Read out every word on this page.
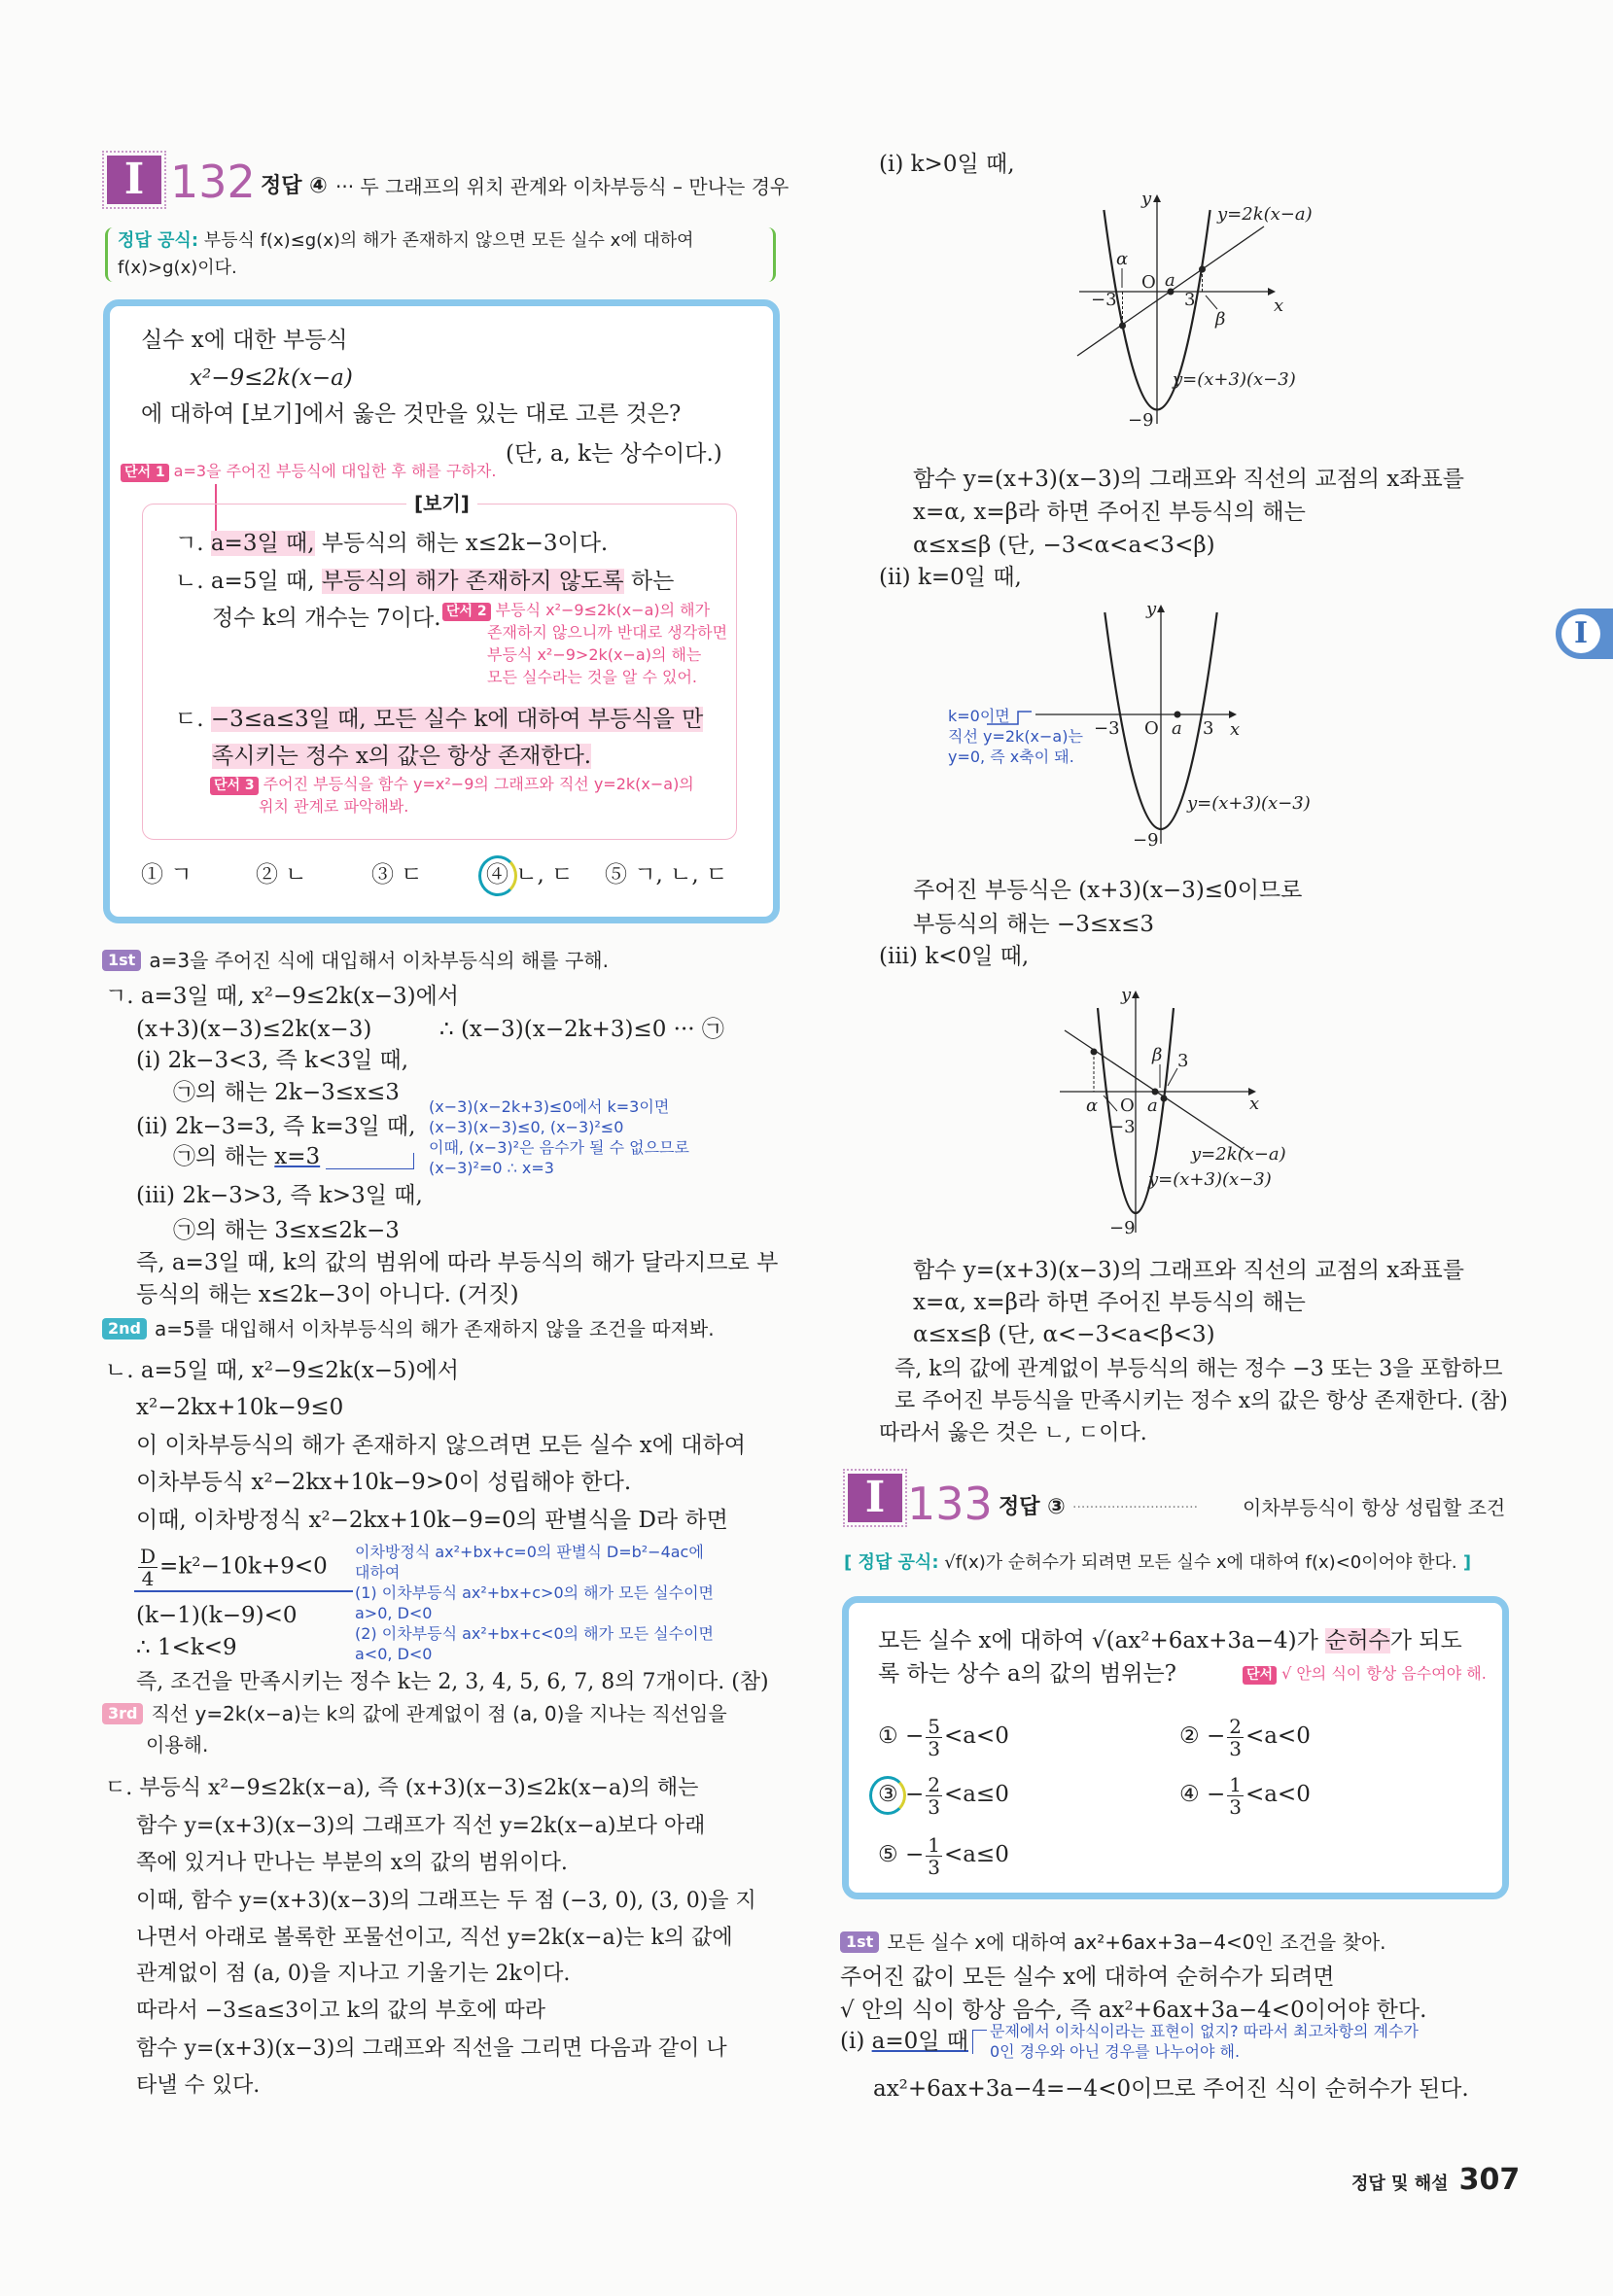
I 132 정답 ④ ··· 두 그래프의 위치 관계와 이차부등식 – 만나는 경우
정답 공식: 부등식 f(x)≤g(x)의 해가 존재하지 않으면 모든 실수 x에 대하여
f(x)>g(x)이다.
실수 x에 대한 부등식
x²−9≤2k(x−a)
에 대하여 [보기]에서 옳은 것만을 있는 대로 고른 것은?
(단, a, k는 상수이다.)
단서 1 a=3을 주어진 부등식에 대입한 후 해를 구하자.
[보기]
ㄱ. a=3일 때, 부등식의 해는 x≤2k−3이다.
ㄴ. a=5일 때, 부등식의 해가 존재하지 않도록 하는
정수 k의 개수는 7이다. 단서 2 부등식 x²−9≤2k(x−a)의 해가
존재하지 않으니까 반대로 생각하면
부등식 x²−9>2k(x−a)의 해는
모든 실수라는 것을 알 수 있어.
ㄷ. −3≤a≤3일 때, 모든 실수 k에 대하여 부등식을 만
족시키는 정수 x의 값은 항상 존재한다.
단서 3 주어진 부등식을 함수 y=x²−9의 그래프와 직선 y=2k(x−a)의
위치 관계로 파악해봐.
① ㄱ	② ㄴ	③ ㄷ	④ ㄴ, ㄷ ⑤ ㄱ, ㄴ, ㄷ
1st a=3을 주어진 식에 대입해서 이차부등식의 해를 구해.
ㄱ. a=3일 때, x²−9≤2k(x−3)에서
(x+3)(x−3)≤2k(x−3)	∴ (x−3)(x−2k+3)≤0 ··· ㉠
(i) 2k−3<3, 즉 k<3일 때,
㉠의 해는 2k−3≤x≤3
(ii) 2k−3=3, 즉 k=3일 때,
㉠의 해는 x=3
(x−3)(x−2k+3)≤0에서 k=3이면
(x−3)(x−3)≤0, (x−3)²≤0
이때, (x−3)²은 음수가 될 수 없으므로
(x−3)²=0 ∴ x=3
(iii) 2k−3>3, 즉 k>3일 때,
㉠의 해는 3≤x≤2k−3
즉, a=3일 때, k의 값의 범위에 따라 부등식의 해가 달라지므로 부
등식의 해는 x≤2k−3이 아니다. (거짓)
2nd a=5를 대입해서 이차부등식의 해가 존재하지 않을 조건을 따져봐.
ㄴ. a=5일 때, x²−9≤2k(x−5)에서
x²−2kx+10k−9≤0
이 이차부등식의 해가 존재하지 않으려면 모든 실수 x에 대하여
이차부등식 x²−2kx+10k−9>0이 성립해야 한다.
이때, 이차방정식 x²−2kx+10k−9=0의 판별식을 D라 하면
$\frac{D}{4} =k^2-10k+9<0$
(k−1)(k−9)<0
∴ 1<k<9
이차방정식 ax²+bx+c=0의 판별식 D=b²−4ac에
대하여
(1) 이차부등식 ax²+bx+c>0의 해가 모든 실수이면
a>0, D<0
(2) 이차부등식 ax²+bx+c<0의 해가 모든 실수이면
a<0, D<0
즉, 조건을 만족시키는 정수 k는 2, 3, 4, 5, 6, 7, 8의 7개이다. (참)
3rd 직선 y=2k(x−a)는 k의 값에 관계없이 점 (a, 0)을 지나는 직선임을
이용해.
ㄷ. 부등식 x²−9≤2k(x−a), 즉 (x+3)(x−3)≤2k(x−a)의 해는
함수 y=(x+3)(x−3)의 그래프가 직선 y=2k(x−a)보다 아래
쪽에 있거나 만나는 부분의 x의 값의 범위이다.
이때, 함수 y=(x+3)(x−3)의 그래프는 두 점 (−3, 0), (3, 0)을 지
나면서 아래로 볼록한 포물선이고, 직선 y=2k(x−a)는 k의 값에
관계없이 점 (a, 0)을 지나고 기울기는 2k이다.
따라서 −3≤a≤3이고 k의 값의 부호에 따라
함수 y=(x+3)(x−3)의 그래프와 직선을 그리면 다음과 같이 나
타낼 수 있다.
(i) k>0일 때,
y
x
O a
−3	3
α
β
−9
y=2k(x−a)
y=(x+3)(x−3)
함수 y=(x+3)(x−3)의 그래프와 직선의 교점의 x좌표를
x=α, x=β라 하면 주어진 부등식의 해는
α≤x≤β (단, −3<α<a<3<β)
(ii) k=0일 때,
y
x
O a
−3	3
−9
y=(x+3)(x−3)
k=0이면
직선 y=2k(x−a)는
y=0, 즉 x축이 돼.
주어진 부등식은 (x+3)(x−3)≤0이므로
부등식의 해는 −3≤x≤3
(iii) k<0일 때,
y
x
O a
α
−3
β 3
−9
y=2k(x−a)
y=(x+3)(x−3)
함수 y=(x+3)(x−3)의 그래프와 직선의 교점의 x좌표를
x=α, x=β라 하면 주어진 부등식의 해는
α≤x≤β (단, α<−3<a<β<3)
즉, k의 값에 관계없이 부등식의 해는 정수 −3 또는 3을 포함하므
로 주어진 부등식을 만족시키는 정수 x의 값은 항상 존재한다. (참)
따라서 옳은 것은 ㄴ, ㄷ이다.
I 133 정답 ③ ····························· 이차부등식이 항상 성립할 조건
[ 정답 공식: √f(x)가 순허수가 되려면 모든 실수 x에 대하여 f(x)<0이어야 한다. ]
모든 실수 x에 대하여 √(ax²+6ax+3a−4)가 순허수가 되도
록 하는 상수 a의 값의 범위는?	단서 √ 안의 식이 항상 음수여야 해.
① − $\frac{5}{3} <a<0$	② − $\frac{2}{3} <a<0$
③ − $\frac{2}{3} <a\le 0$	④ − $\frac{1}{3} <a<0$
⑤ − $\frac{1}{3} <a\le 0$
1st 모든 실수 x에 대하여 ax²+6ax+3a−4<0인 조건을 찾아.
주어진 값이 모든 실수 x에 대하여 순허수가 되려면
√ 안의 식이 항상 음수, 즉 ax²+6ax+3a−4<0이어야 한다.
(i) a=0일 때 문제에서 이차식이라는 표현이 없지? 따라서 최고차항의 계수가
0인 경우와 아닌 경우를 나누어야 해.
ax²+6ax+3a−4=−4<0이므로 주어진 식이 순허수가 된다.
I
정답 및 해설 307
